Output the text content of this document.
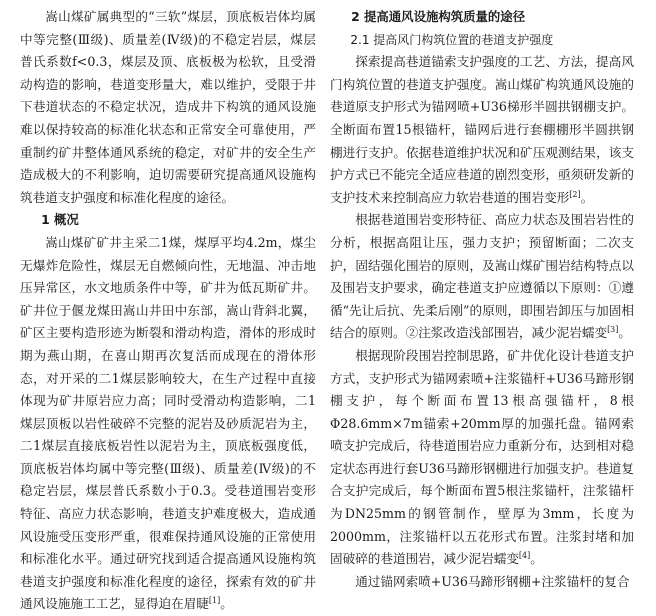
嵩山煤矿属典型的“三软”煤层，顶底板岩体均属中等完整(Ⅲ级)、质量差(Ⅳ级)的不稳定岩层，煤层普氏系数f<0.3，煤层及顶、底板极为松软，且受滑动构造的影响，巷道变形量大，难以维护，受限于井下巷道状态的不稳定状况，造成井下构筑的通风设施难以保持较高的标准化状态和正常安全可靠使用，严重制约矿井整体通风系统的稳定，对矿井的安全生产造成极大的不利影响，迫切需要研究提高通风设施构筑巷道支护强度和标准化程度的途径。

1 概况

嵩山煤矿矿井主采二1煤，煤厚平均4.2m，煤尘无爆炸危险性，煤层无自燃倾向性，无地温、冲击地压异常区，水文地质条件中等，矿井为低瓦斯矿井。矿井位于偃龙煤田嵩山井田中东部，嵩山背斜北翼，矿区主要构造形迹为断裂和滑动构造，滑体的形成时期为燕山期，在喜山期再次复活而成现在的滑体形态，对开采的二1煤层影响较大，在生产过程中直接体现为矿井原岩应力高；同时受滑动构造影响，二1煤层顶板以岩性破碎不完整的泥岩及砂质泥岩为主，二1煤层直接底板岩性以泥岩为主，顶底板强度低，顶底板岩体均属中等完整(Ⅲ级)、质量差(Ⅳ级)的不稳定岩层，煤层普氏系数小于0.3。受巷道围岩变形特征、高应力状态影响，巷道支护难度极大，造成通风设施受压变形严重，很难保持通风设施的正常使用和标准化水平。通过研究找到适合提高通风设施构筑巷道支护强度和标准化程度的途径，探索有效的矿井通风设施施工工艺，显得迫在眉睫[1]。

2 提高通风设施构筑质量的途径
2.1 提高风门构筑位置的巷道支护强度

探索提高巷道锚索支护强度的工艺、方法，提高风门构筑位置的巷道支护强度。嵩山煤矿构筑通风设施的巷道原支护形式为锚网喷+U36梯形半圆拱钢棚支护。全断面布置15根锚杆，锚网后进行套棚棚形半圆拱钢棚进行支护。依据巷道维护状况和矿压观测结果，该支护方式已不能完全适应巷道的剧烈变形，亟须研发新的支护技术来控制高应力软岩巷道的围岩变形[2]。

根据巷道围岩变形特征、高应力状态及围岩岩性的分析，根据高阻让压，强力支护；预留断面；二次支护，固结强化围岩的原则，及嵩山煤矿围岩结构特点以及围岩支护要求，确定巷道支护应遵循以下原则：①遵循“先让后抗、先柔后刚”的原则，即围岩卸压与加固相结合的原则。②注浆改造浅部围岩，减少泥岩蠕变[3]。

根据现阶段围岩控制思路，矿井优化设计巷道支护方式，支护形式为锚网索喷+注浆锚杆+U36马蹄形钢棚支护，每个断面布置13根高强锚杆，8根Φ28.6mm×7m锚索+20mm厚的加强托盘。锚网索喷支护完成后，待巷道围岩应力重新分布，达到相对稳定状态再进行套U36马蹄形钢棚进行加强支护。巷道复合支护完成后，每个断面布置5根注浆锚杆，注浆锚杆为DN25mm的钢管制作，壁厚为3mm，长度为2000mm，注浆锚杆以五花形式布置。注浆封堵和加固破碎的巷道围岩，减少泥岩蠕变[4]。

通过锚网索喷+U36马蹄形钢棚+注浆锚杆的复合
